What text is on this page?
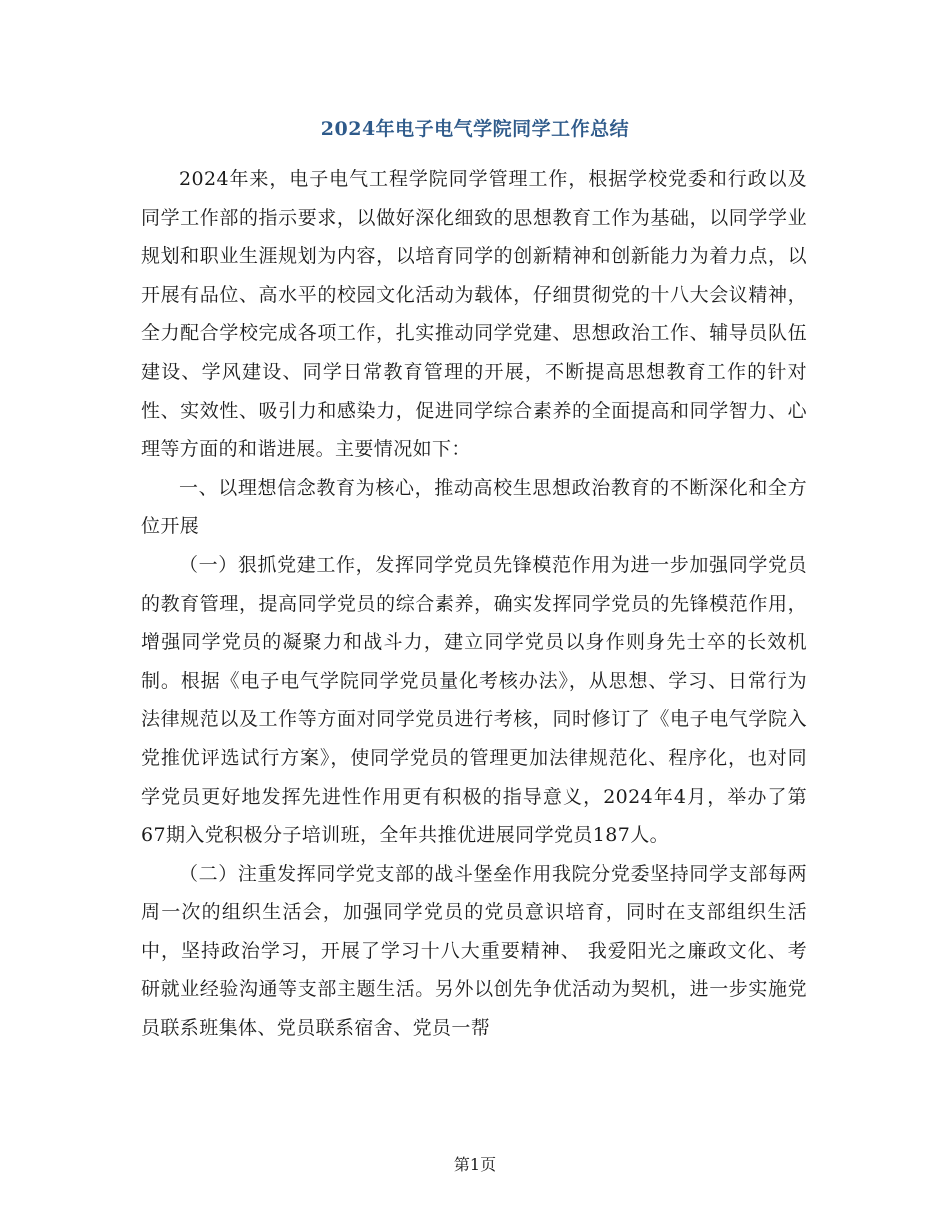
2024年电子电气学院同学工作总结

2024年来，电子电气工程学院同学管理工作，根据学校党委和行政以及同学工作部的指示要求，以做好深化细致的思想教育工作为基础，以同学学业规划和职业生涯规划为内容，以培育同学的创新精神和创新能力为着力点，以开展有品位、高水平的校园文化活动为载体，仔细贯彻党的十八大会议精神，全力配合学校完成各项工作，扎实推动同学党建、思想政治工作、辅导员队伍建设、学风建设、同学日常教育管理的开展，不断提高思想教育工作的针对性、实效性、吸引力和感染力，促进同学综合素养的全面提高和同学智力、心理等方面的和谐进展。主要情况如下：

一、以理想信念教育为核心，推动高校生思想政治教育的不断深化和全方位开展

（一）狠抓党建工作，发挥同学党员先锋模范作用为进一步加强同学党员的教育管理，提高同学党员的综合素养，确实发挥同学党员的先锋模范作用，增强同学党员的凝聚力和战斗力，建立同学党员以身作则身先士卒的长效机制。根据《电子电气学院同学党员量化考核办法》，从思想、学习、日常行为法律规范以及工作等方面对同学党员进行考核，同时修订了《电子电气学院入党推优评选试行方案》，使同学党员的管理更加法律规范化、程序化，也对同学党员更好地发挥先进性作用更有积极的指导意义，2024年4月，举办了第67期入党积极分子培训班，全年共推优进展同学党员187人。

（二）注重发挥同学党支部的战斗堡垒作用我院分党委坚持同学支部每两周一次的组织生活会，加强同学党员的党员意识培育，同时在支部组织生活中，坚持政治学习，开展了学习十八大重要精神、 我爱阳光之廉政文化、考研就业经验沟通等支部主题生活。另外以创先争优活动为契机，进一步实施党员联系班集体、党员联系宿舍、党员一帮

第1页
